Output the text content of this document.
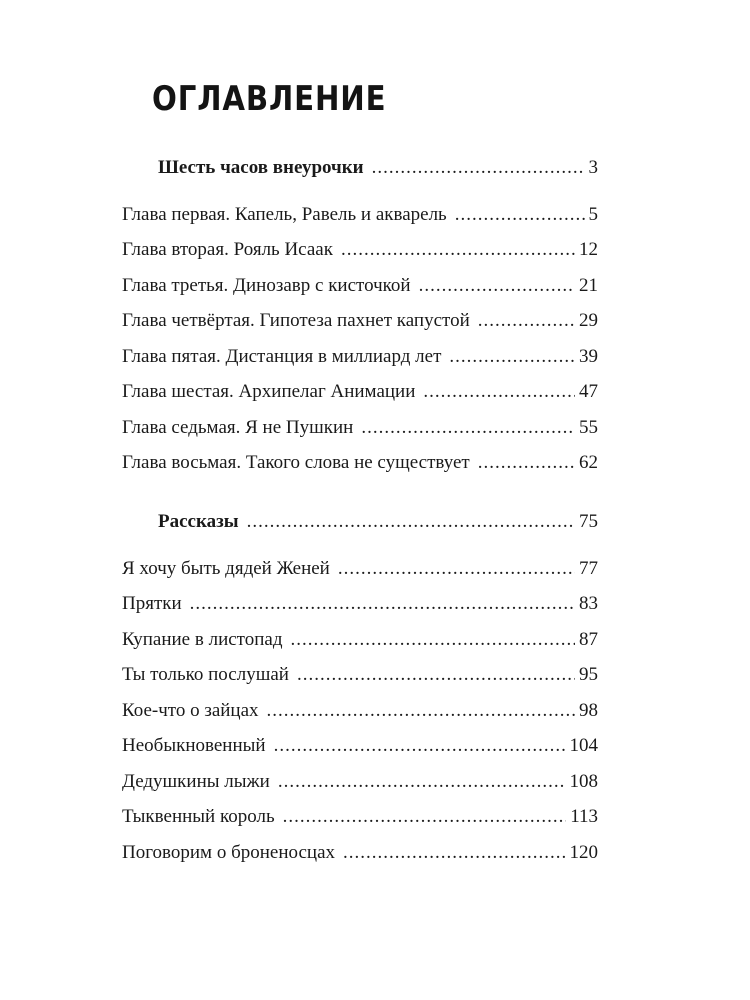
ОГЛАВЛЕНИЕ
Шесть часов внеурочки .....	3
Глава первая. Капель, Равель и акварель .....	5
Глава вторая. Рояль Исаак .....	12
Глава третья. Динозавр с кисточкой .....	21
Глава четвёртая. Гипотеза пахнет капустой .....	29
Глава пятая. Дистанция в миллиард лет .....	39
Глава шестая. Архипелаг Анимации .....	47
Глава седьмая. Я не Пушкин .....	55
Глава восьмая. Такого слова не существует .....	62
Рассказы .....	75
Я хочу быть дядей Женей .....	77
Прятки .....	83
Купание в листопад .....	87
Ты только послушай .....	95
Кое-что о зайцах .....	98
Необыкновенный .....	104
Дедушкины лыжи .....	108
Тыквенный король .....	113
Поговорим о броненосцах .....	120
